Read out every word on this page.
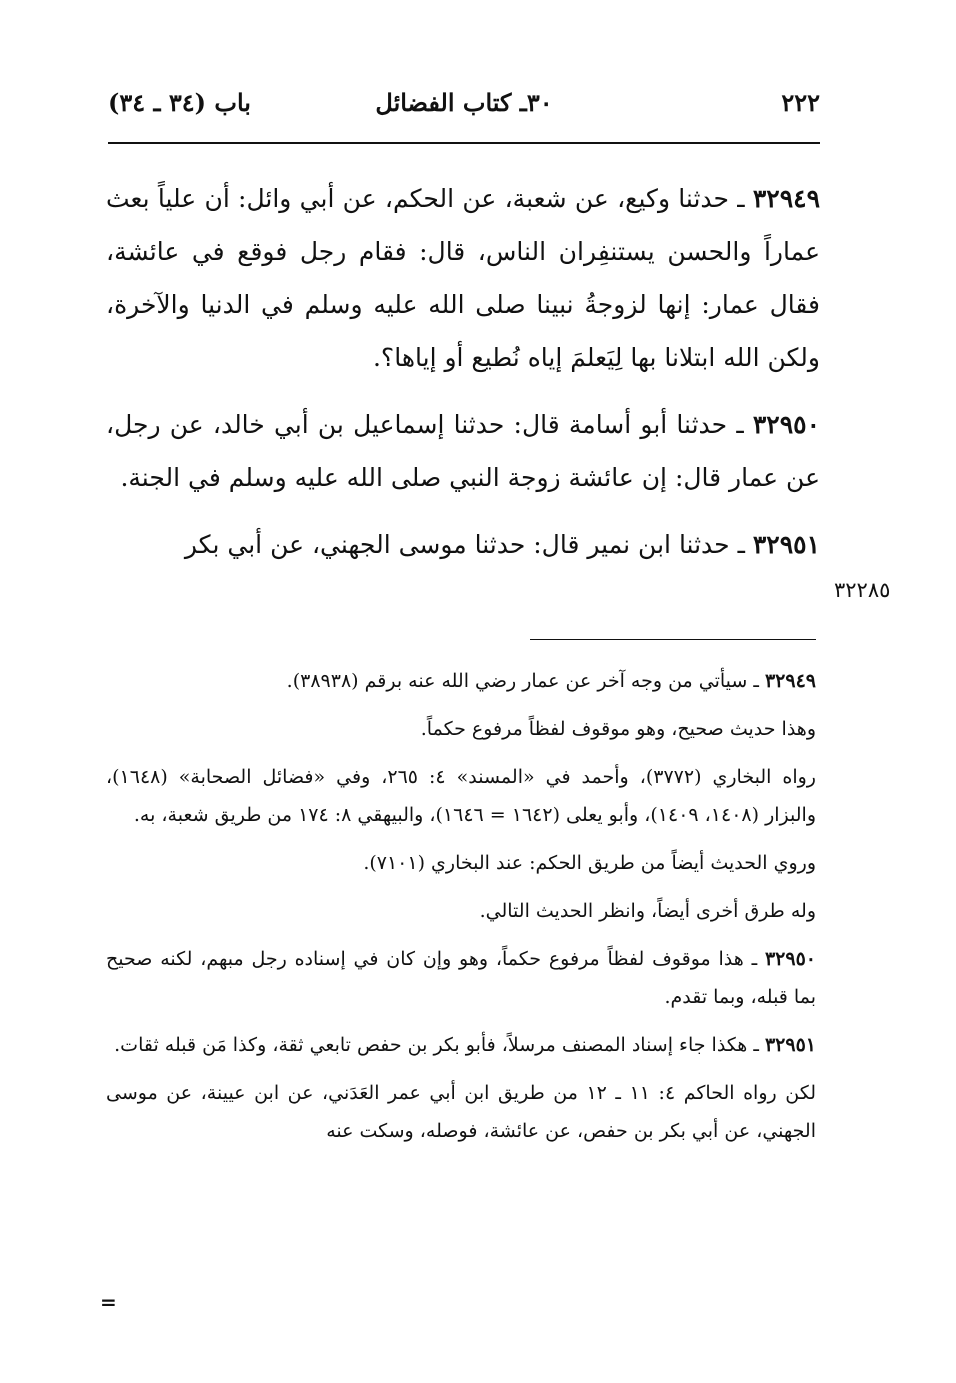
٢٢٢
٣٠ـ كتاب الفضائل
باب (٣٤ ـ ٣٤)

٣٢٩٤٩ ـ حدثنا وكيع، عن شعبة، عن الحكم، عن أبي وائل: أن علياً بعث عماراً والحسن يستنفِران الناس، قال: فقام رجل فوقع في عائشة، فقال عمار: إنها لزوجةُ نبينا صلى الله عليه وسلم في الدنيا والآخرة، ولكن الله ابتلانا بها لِيَعلمَ إياه نُطيع أو إياها؟.

٣٢٩٥٠ ـ حدثنا أبو أسامة قال: حدثنا إسماعيل بن أبي خالد، عن رجل، عن عمار قال: إن عائشة زوجة النبي صلى الله عليه وسلم في الجنة.

٣٢٩٥١ ـ حدثنا ابن نمير قال: حدثنا موسى الجهني، عن أبي بكر

٣٢٢٨٥

٣٢٩٤٩ ـ سيأتي من وجه آخر عن عمار رضي الله عنه برقم (٣٨٩٣٨).

وهذا حديث صحيح، وهو موقوف لفظاً مرفوع حكماً.

رواه البخاري (٣٧٧٢)، وأحمد في «المسند» ٤: ٢٦٥، وفي «فضائل الصحابة» (١٦٤٨)، والبزار (١٤٠٨، ١٤٠٩)، وأبو يعلى (١٦٤٢ = ١٦٤٦)، والبيهقي ٨: ١٧٤ من طريق شعبة، به.

وروي الحديث أيضاً من طريق الحكم: عند البخاري (٧١٠١).

وله طرق أخرى أيضاً، وانظر الحديث التالي.

٣٢٩٥٠ ـ هذا موقوف لفظاً مرفوع حكماً، وهو وإن كان في إسناده رجل مبهم، لكنه صحيح بما قبله، وبما تقدم.

٣٢٩٥١ ـ هكذا جاء إسناد المصنف مرسلاً، فأبو بكر بن حفص تابعي ثقة، وكذا مَن قبله ثقات.

لكن رواه الحاكم ٤: ١١ ـ ١٢ من طريق ابن أبي عمر العَدَني، عن ابن عيينة، عن موسى الجهني، عن أبي بكر بن حفص، عن عائشة، فوصله، وسكت عنه

=
